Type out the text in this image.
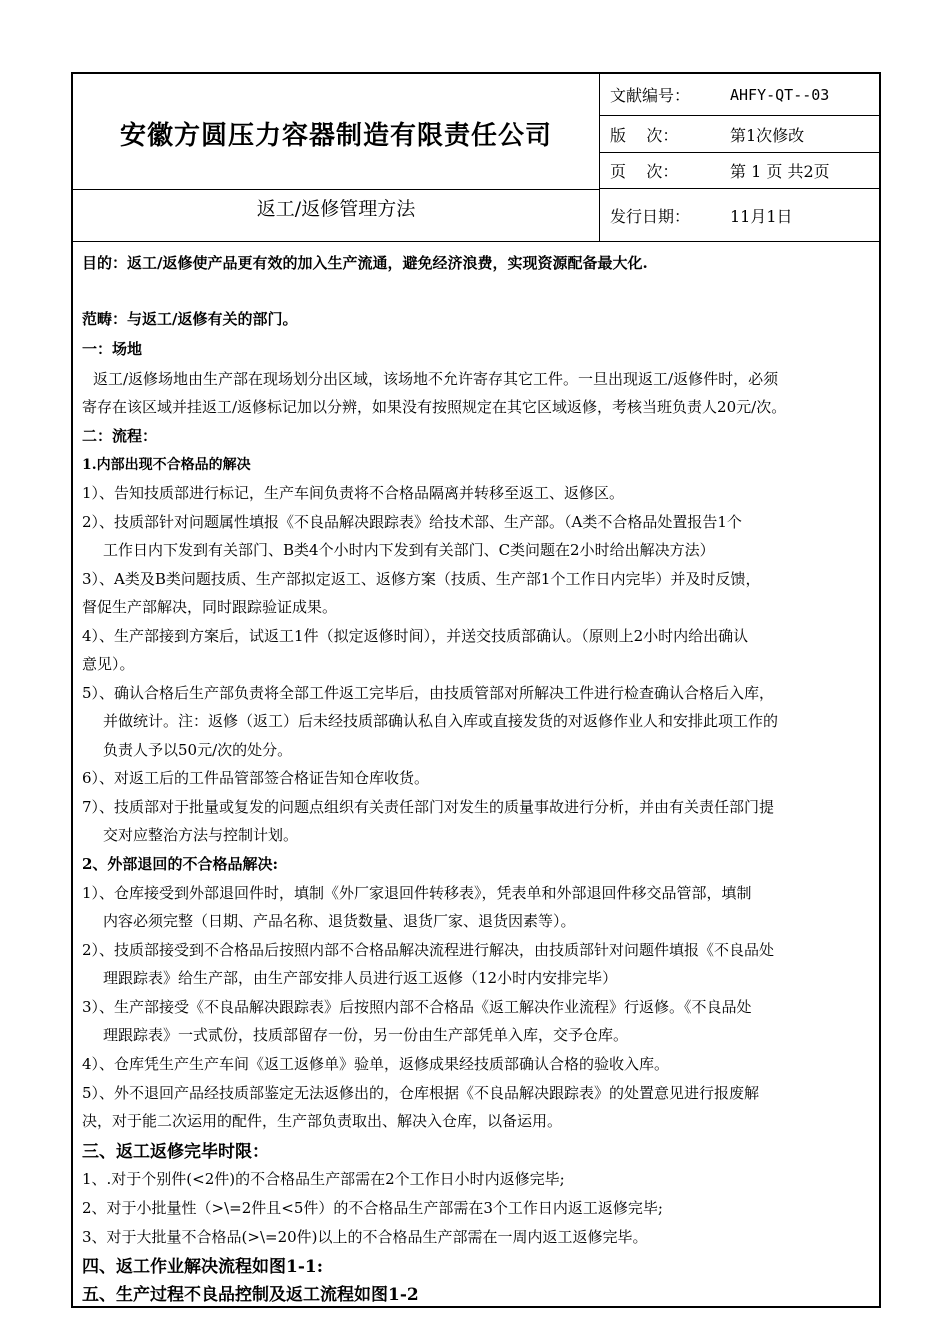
安徽方圆压力容器制造有限责任公司
返工/返修管理方法
文献编号：	AHFY-QT--03
版    次：	第1次修改
页    次：	第 1 页 共2页
发行日期：	11月1日
目的：返工/返修使产品更有效的加入生产流通，避免经济浪费，实现资源配备最大化.
范畴：与返工/返修有关的部门。
一：场地
返工/返修场地由生产部在现场划分出区域，该场地不允许寄存其它工件。一旦出现返工/返修件时，必须
寄存在该区域并挂返工/返修标记加以分辨，如果没有按照规定在其它区域返修，考核当班负责人20元/次。
二：流程：
1.内部出现不合格品的解决
1）、告知技质部进行标记，生产车间负责将不合格品隔离并转移至返工、返修区。
2）、技质部针对问题属性填报《不良品解决跟踪表》给技术部、生产部。（A类不合格品处置报告1个
工作日内下发到有关部门、B类4个小时内下发到有关部门、C类问题在2小时给出解决方法）
3）、A类及B类问题技质、生产部拟定返工、返修方案（技质、生产部1个工作日内完毕）并及时反馈，
督促生产部解决，同时跟踪验证成果。
4）、生产部接到方案后，试返工1件（拟定返修时间），并送交技质部确认。（原则上2小时内给出确认
意见）。
5）、确认合格后生产部负责将全部工件返工完毕后，由技质管部对所解决工件进行检查确认合格后入库，
并做统计。注：返修（返工）后未经技质部确认私自入库或直接发货的对返修作业人和安排此项工作的
负责人予以50元/次的处分。
6）、对返工后的工件品管部签合格证告知仓库收货。
7）、技质部对于批量或复发的问题点组织有关责任部门对发生的质量事故进行分析，并由有关责任部门提
交对应整治方法与控制计划。
2、外部退回的不合格品解决:
1）、仓库接受到外部退回件时，填制《外厂家退回件转移表》，凭表单和外部退回件移交品管部，填制
内容必须完整（日期、产品名称、退货数量、退货厂家、退货因素等）。
2）、技质部接受到不合格品后按照内部不合格品解决流程进行解决，由技质部针对问题件填报《不良品处
理跟踪表》给生产部，由生产部安排人员进行返工返修（12小时内安排完毕）
3）、生产部接受《不良品解决跟踪表》后按照内部不合格品《返工解决作业流程》行返修。《不良品处
理跟踪表》一式贰份，技质部留存一份，另一份由生产部凭单入库，交予仓库。
4）、仓库凭生产生产车间《返工返修单》验单，返修成果经技质部确认合格的验收入库。
5）、外不退回产品经技质部鉴定无法返修出的，仓库根据《不良品解决跟踪表》的处置意见进行报废解
决，对于能二次运用的配件，生产部负责取出、解决入仓库，以备运用。
三、返工返修完毕时限：
1、.对于个别件(<2件)的不合格品生产部需在2个工作日小时内返修完毕;
2、对于小批量性（>\=2件且<5件）的不合格品生产部需在3个工作日内返工返修完毕;
3、对于大批量不合格品(>\=20件)以上的不合格品生产部需在一周内返工返修完毕。
四、返工作业解决流程如图1-1:
五、生产过程不良品控制及返工流程如图1-2
